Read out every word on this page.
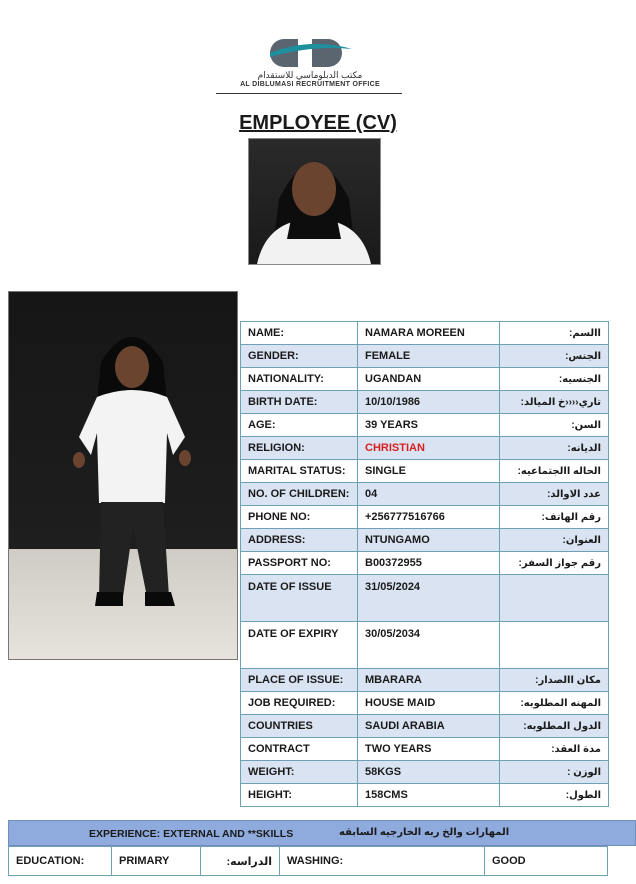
مكتب الدبلوماسي للاستقدام
AL DIBLUMASI RECRUITMENT OFFICE
EMPLOYEE (CV)
NAME:	NAMARA MOREEN	االسم:
GENDER:	FEMALE	الجنس:
NATIONALITY:	UGANDAN	الجنسيه:
BIRTH DATE:	10/10/1986	تاري‹‹‹‹خ الميالد:
AGE:	39 YEARS	السن:
RELIGION:	CHRISTIAN	الديانه:
MARITAL STATUS:	SINGLE	الحاله االجتماعيه:
NO. OF CHILDREN:	04	عدد الاوالد:
PHONE NO:	+256777516766	رقم الهاتف:
ADDRESS:	NTUNGAMO	العنوان:
PASSPORT NO:	B00372955	رقم جواز السفر:
DATE OF ISSUE	31/05/2024	
DATE OF EXPIRY	30/05/2034	
PLACE OF ISSUE:	MBARARA	مكان االصدار:
JOB REQUIRED:	HOUSE MAID	المهنه المطلوبه:
COUNTRIES	SAUDI ARABIA	الدول المطلوبه:
CONTRACT	TWO YEARS	مدة العقد:
WEIGHT:	58KGS	الوزن :
HEIGHT:	158CMS	الطول:
EXPERIENCE: EXTERNAL AND **SKILLS	المهارات والخ ربه الخارجيه السابقه
EDUCATION:	PRIMARY	الدراسه:	WASHING:	GOOD
